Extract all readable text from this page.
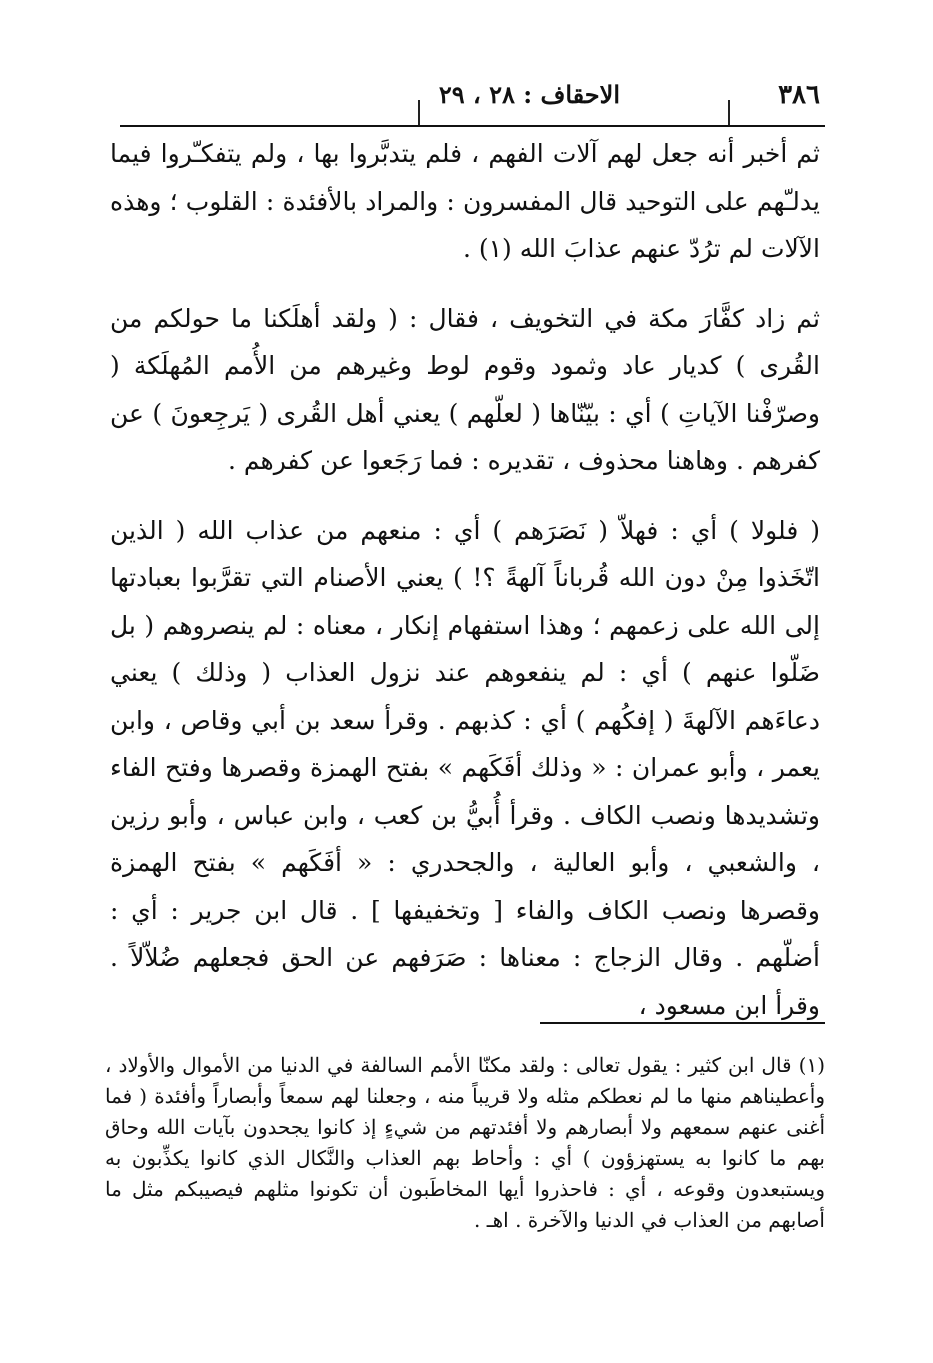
٣٨٦
الاحقاف : ٢٨ ، ٢٩

ثم أخبر أنه جعل لهم آلات الفهم ، فلم يتدبَّروا بها ، ولم يتفكـّروا فيما يدلـّهم على التوحيد قال المفسرون : والمراد بالأفئدة : القلوب ؛ وهذه الآلات لم ترُدّ عنهم عذابَ الله (١) .

ثم زاد كفَّارَ مكة في التخويف ، فقال : ( ولقد أهلَكنا ما حولكم من القُرى ) كديار عاد وثمود وقوم لوط وغيرهم من الأُمم المُهلَكة ( وصرّفْنا الآياتِ ) أي : بيّنّاها ( لعلّهم ) يعني أهل القُرى ( يَرجِعونَ ) عن كفرهم . وهاهنا محذوف ، تقديره : فما رَجَعوا عن كفرهم .

( فلولا ) أي : فهلاّ ( نَصَرَهم ) أي : منعهم من عذاب الله ( الذين اتّخَذوا مِنْ دون الله قُرباناً آلهةً ؟! ) يعني الأصنام التي تقرَّبوا بعبادتها إلى الله على زعمهم ؛ وهذا استفهام إنكار ، معناه : لم ينصروهم ( بل ضَلّوا عنهم ) أي : لم ينفعوهم عند نزول العذاب ( وذلك ) يعني دعاءَهم الآلهةَ ( إفكُهم ) أي : كذبهم . وقرأ سعد بن أبي وقاص ، وابن يعمر ، وأبو عمران : « وذلك أفَكَهم » بفتح الهمزة وقصرها وفتح الفاء وتشديدها ونصب الكاف . وقرأ أُبيُّ بن كعب ، وابن عباس ، وأبو رزين ، والشعبي ، وأبو العالية ، والجحدري : « أفَكَهم » بفتح الهمزة وقصرها ونصب الكاف والفاء [ وتخفيفها ] . قال ابن جرير : أي : أضلّهم . وقال الزجاج : معناها : صَرَفهم عن الحق فجعلهم ضُلاّلاً . وقرأ ابن مسعود ،

(١) قال ابن كثير : يقول تعالى : ولقد مكنّا الأمم السالفة في الدنيا من الأموال والأولاد ، وأعطيناهم منها ما لم نعطكم مثله ولا قريباً منه ، وجعلنا لهم سمعاً وأبصاراً وأفئدة ( فما أغنى عنهم سمعهم ولا أبصارهم ولا أفئدتهم من شيءٍ إذ كانوا يجحدون بآيات الله وحاق بهم ما كانوا به يستهزؤون ) أي : وأحاط بهم العذاب والنَّكال الذي كانوا يكذِّبون به ويستبعدون وقوعه ، أي : فاحذروا أيها المخاطَبون أن تكونوا مثلهم فيصيبكم مثل ما أصابهم من العذاب في الدنيا والآخرة . اهـ .
